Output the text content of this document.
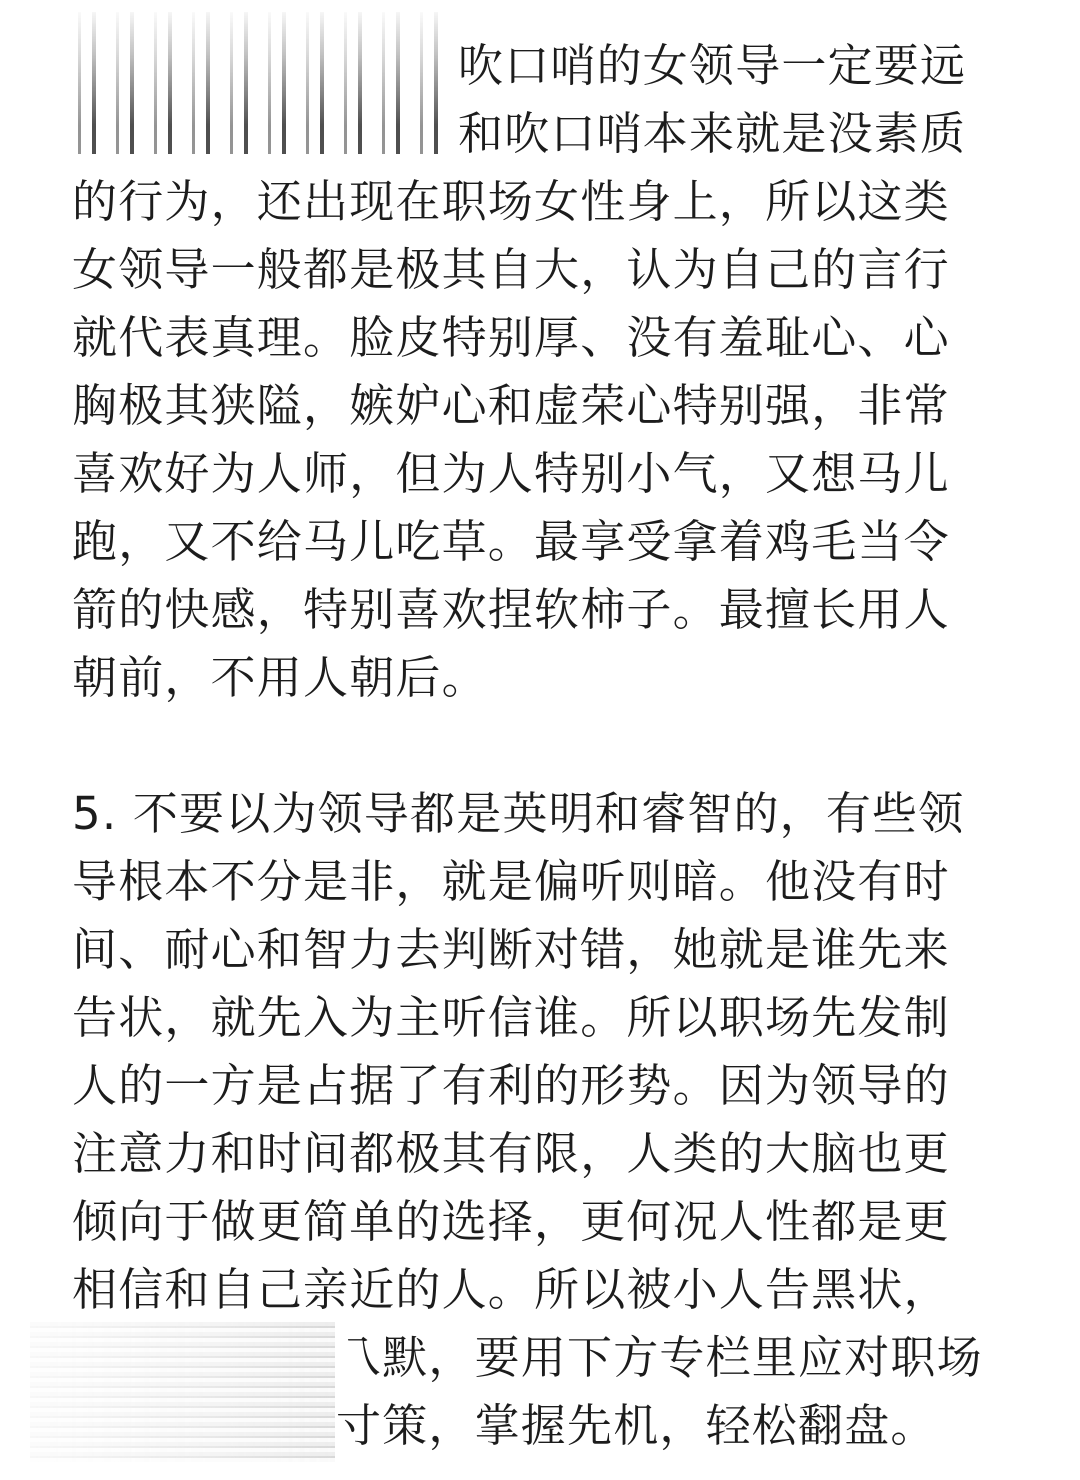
吹口哨的女领导一定要远
和吹口哨本来就是没素质
的行为，还出现在职场女性身上，所以这类
女领导一般都是极其自大，认为自己的言行
就代表真理。脸皮特别厚、没有羞耻心、心
胸极其狭隘，嫉妒心和虚荣心特别强，非常
喜欢好为人师，但为人特别小气，又想马儿
跑，又不给马儿吃草。最享受拿着鸡毛当令
箭的快感，特别喜欢捏软柿子。最擅长用人
朝前，不用人朝后。
5. 不要以为领导都是英明和睿智的，有些领
导根本不分是非，就是偏听则暗。他没有时
间、耐心和智力去判断对错，她就是谁先来
告状，就先入为主听信谁。所以职场先发制
人的一方是占据了有利的形势。因为领导的
注意力和时间都极其有限，人类的大脑也更
倾向于做更简单的选择，更何况人性都是更
相信和自己亲近的人。所以被小人告黑状，
乁默，要用下方专栏里应对职场
寸策，掌握先机，轻松翻盘。
